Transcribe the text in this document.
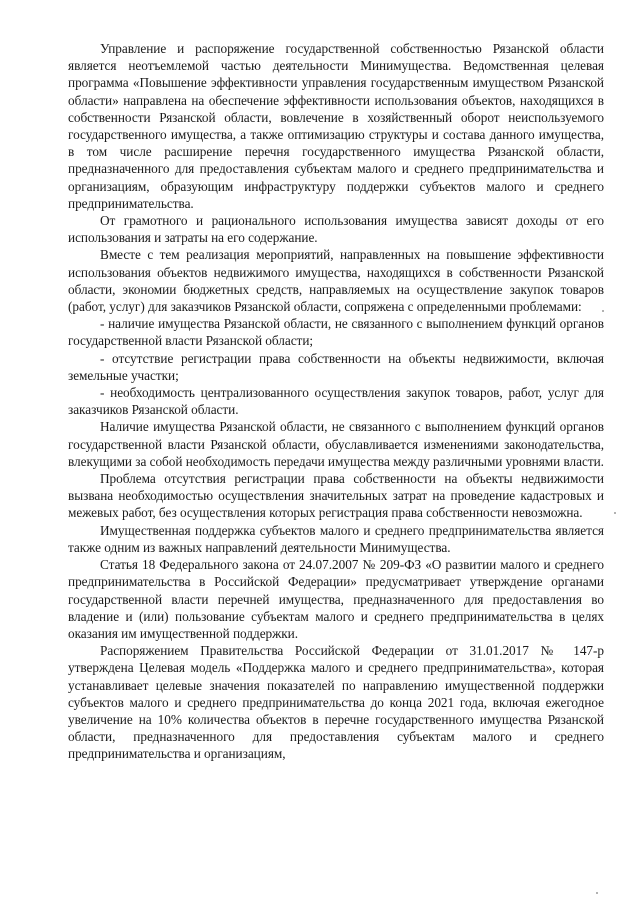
Управление и распоряжение государственной собственностью Рязанской области является неотъемлемой частью деятельности Минимущества. Ведомственная целевая программа «Повышение эффективности управления государственным имуществом Рязанской области» направлена на обеспечение эффективности использования объектов, находящихся в собственности Рязанской области, вовлечение в хозяйственный оборот неиспользуемого государственного имущества, а также оптимизацию структуры и состава данного имущества, в том числе расширение перечня государственного имущества Рязанской области, предназначенного для предоставления субъектам малого и среднего предпринимательства и организациям, образующим инфраструктуру поддержки субъектов малого и среднего предпринимательства.

От грамотного и рационального использования имущества зависят доходы от его использования и затраты на его содержание.

Вместе с тем реализация мероприятий, направленных на повышение эффективности использования объектов недвижимого имущества, находящихся в собственности Рязанской области, экономии бюджетных средств, направляемых на осуществление закупок товаров (работ, услуг) для заказчиков Рязанской области, сопряжена с определенными проблемами:

- наличие имущества Рязанской области, не связанного с выполнением функций органов государственной власти Рязанской области;

- отсутствие регистрации права собственности на объекты недвижимости, включая земельные участки;

- необходимость централизованного осуществления закупок товаров, работ, услуг для заказчиков Рязанской области.

Наличие имущества Рязанской области, не связанного с выполнением функций органов государственной власти Рязанской области, обуславливается изменениями законодательства, влекущими за собой необходимость передачи имущества между различными уровнями власти.

Проблема отсутствия регистрации права собственности на объекты недвижимости вызвана необходимостью осуществления значительных затрат на проведение кадастровых и межевых работ, без осуществления которых регистрация права собственности невозможна.

Имущественная поддержка субъектов малого и среднего предпринимательства является также одним из важных направлений деятельности Минимущества.

Статья 18 Федерального закона от 24.07.2007 № 209-ФЗ «О развитии малого и среднего предпринимательства в Российской Федерации» предусматривает утверждение органами государственной власти перечней имущества, предназначенного для предоставления во владение и (или) пользование субъектам малого и среднего предпринимательства в целях оказания им имущественной поддержки.

Распоряжением Правительства Российской Федерации от 31.01.2017 № 147-р утверждена Целевая модель «Поддержка малого и среднего предпринимательства», которая устанавливает целевые значения показателей по направлению имущественной поддержки субъектов малого и среднего предпринимательства до конца 2021 года, включая ежегодное увеличение на 10% количества объектов в перечне государственного имущества Рязанской области, предназначенного для предоставления субъектам малого и среднего предпринимательства и организациям,
